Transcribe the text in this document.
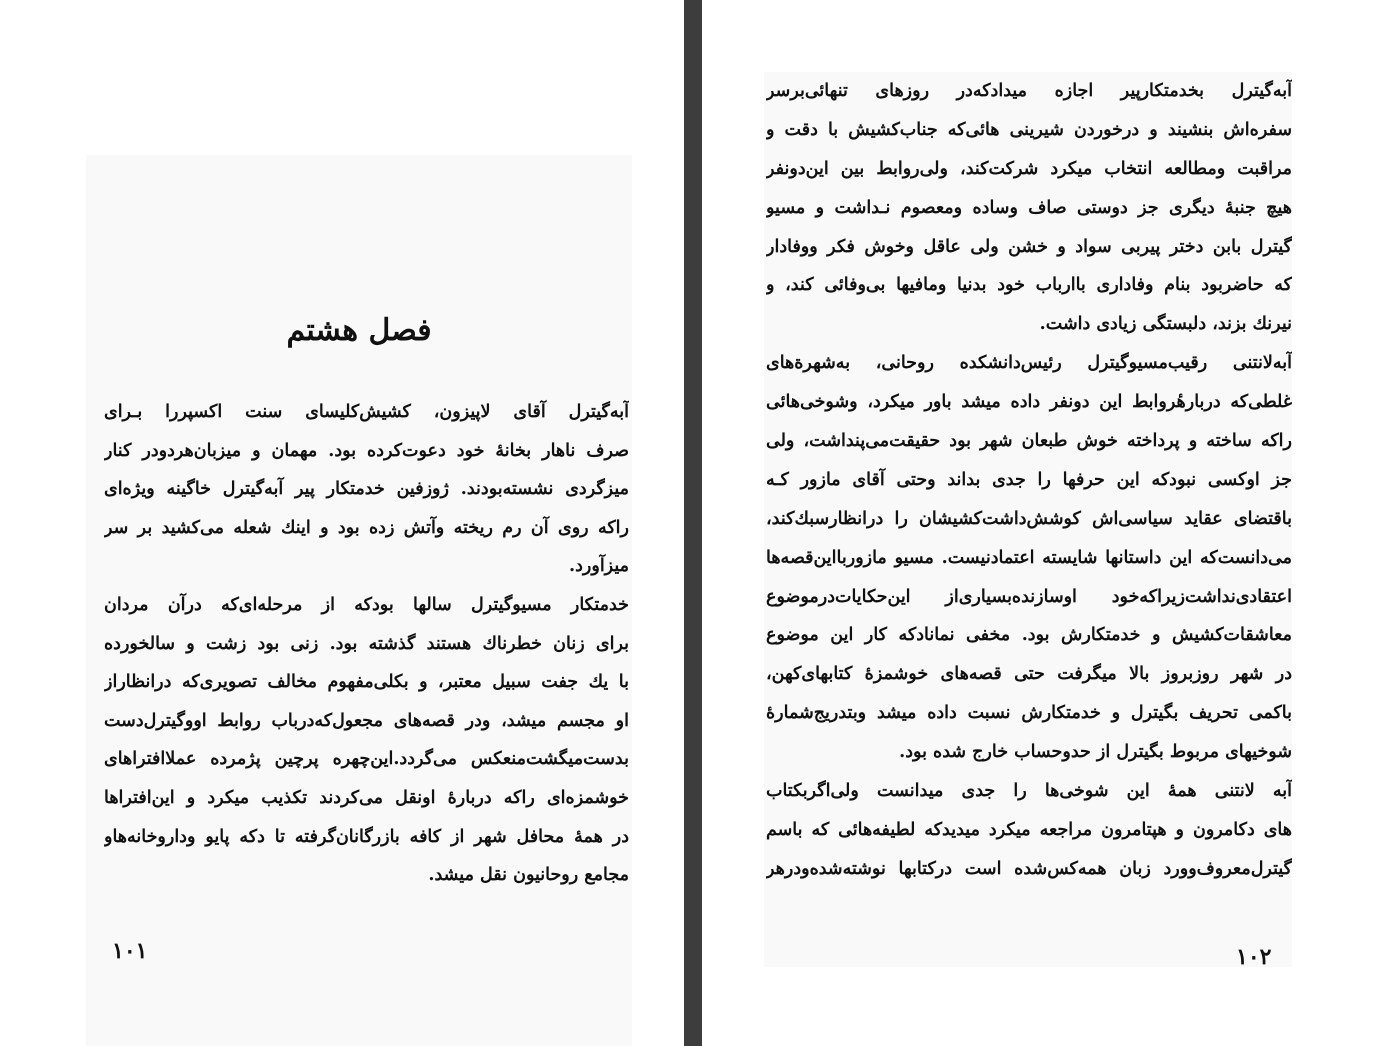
فصل هشتم
آبه‌گیترل آقای لاپیزون، کشیش‌کلیسای سنت اکسپررا بـرای
صرف ناهار بخانهٔ خود دعوت‌کرده بود. مهمان و میزبان‌هردودر کنار
میزگردی نشسته‌بودند. ژوزفین خدمتکار پیر آبه‌گیترل خاگینه ویژه‌ای
راکه روی آن رم ریخته وآتش زده بود و اینك شعله می‌کشید بر سر
میزآورد.
خدمتکار مسیوگیترل سالها بودکه از مرحله‌ای‌که درآن مردان
برای زنان خطرناك هستند گذشته بود. زنی بود زشت و سالخورده
با یك جفت سبیل معتبر، و بکلی‌مفهوم مخالف تصویری‌که درانظاراز
او مجسم میشد، ودر قصه‌های مجعول‌که‌درباب روابط اووگیترل‌دست
بدست‌میگشت‌منعکس می‌گردد.این‌چهره پرچین پژمرده عملاافتراهای
خوشمزه‌ای راکه دربارهٔ اونقل می‌کردند تکذیب میکرد و این‌افتراها
در همهٔ محافل شهر از کافه بازرگانان‌گرفته تا دکه پایو وداروخانه‌هاو
مجامع روحانیون نقل میشد.
۱۰۱
آبه‌گیترل بخدمتکارپیر اجازه میدادکه‌در روزهای تنهائی‌بر‌سر
سفره‌اش بنشیند و درخوردن شیرینی هائی‌که جناب‌کشیش با دقت و
مراقبت ومطالعه انتخاب میکرد شرکت‌کند، ولی‌روابط بین این‌دونفر
هیچ جنبهٔ دیگری جز دوستی صاف وساده ومعصوم نـداشت و مسیو
گیترل بابن دختر پیربی سواد و خشن ولی عاقل وخوش فکر ووفادار
که حاضربود بنام وفاداری باارباب خود بدنیا ومافیها بی‌وفائی کند، و
نیرنك بزند، دلبستگی زیادی داشت.
آبه‌لانتنی رقیب‌مسیوگیترل رئیس‌دانشکده روحانی، به‌شهرةهای
غلطی‌که دربارهٔروابط این دونفر داده میشد باور میکرد، وشوخی‌هائی
راکه ساخته و پرداخته خوش طبعان شهر بود حقیقت‌می‌پنداشت، ولی
جز اوکسی نبودکه این حرفها را جدی بداند وحتی آقای مازور کـه
باقتضای عقاید سیاسی‌اش کوشش‌داشت‌کشیشان را درانظارسبك‌کند،
می‌دانست‌که این داستانها شایسته اعتمادنیست. مسیو مازوربااین‌قصه‌ها
اعتقادی‌نداشت‌زیراکه‌خود اوسازنده‌بسیاری‌از این‌حکایات‌درموضوع
معاشقات‌کشیش و خدمتکارش بود. مخفی نماناد‌که کار این موضوع
در شهر روزبروز بالا میگرفت حتی قصه‌های خوشمزهٔ کتابهای‌کهن،
باکمی تحریف بگیترل و خدمتکارش نسبت داده میشد وبتدریج‌شمارهٔ
شوخیهای مربوط بگیترل از حدوحساب خارج شده بود.
آبه لانتنی همهٔ این شوخی‌ها را جدی میدانست ولی‌اگربکتاب
های دکامرون و هپتامرون مراجعه میکرد میدیدکه لطیفه‌هائی که باسم
گیترل‌معروف‌وورد زبان همه‌کس‌شده است درکتابها نوشته‌شده‌ودرهر
۱۰۲
